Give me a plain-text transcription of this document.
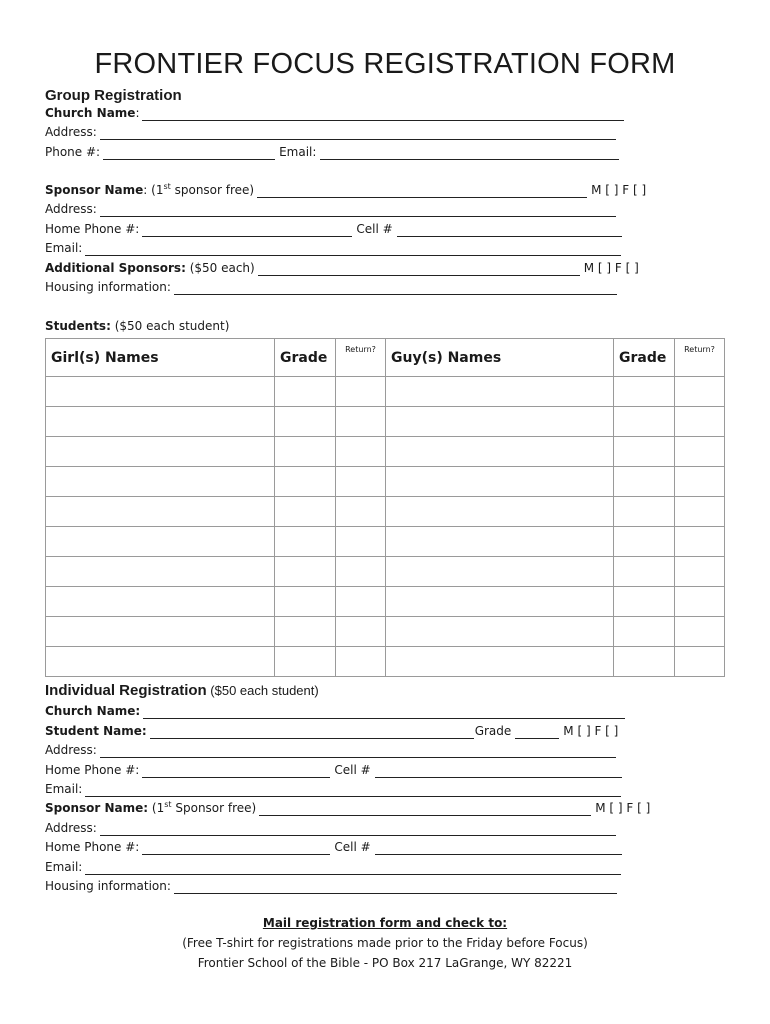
FRONTIER FOCUS REGISTRATION FORM
Group Registration
Church Name:
Address:
Phone #:	Email:
Sponsor Name: (1st sponsor free)	M [ ] F [ ]
Address:
Home Phone #:	Cell #
Email:
Additional Sponsors: ($50 each)	M [ ] F [ ]
Housing information:
Students: ($50 each student)
Girl(s) Names	Grade	Return?	Guy(s) Names	Grade	Return?

Individual Registration ($50 each student)
Church Name:
Student Name:	Grade	M [ ] F [ ]
Address:
Home Phone #:	Cell #
Email:
Sponsor Name: (1st Sponsor free)	M [ ] F [ ]
Address:
Home Phone #:	Cell #
Email:
Housing information:
Mail registration form and check to:
(Free T-shirt for registrations made prior to the Friday before Focus)
Frontier School of the Bible - PO Box 217 LaGrange, WY 82221
